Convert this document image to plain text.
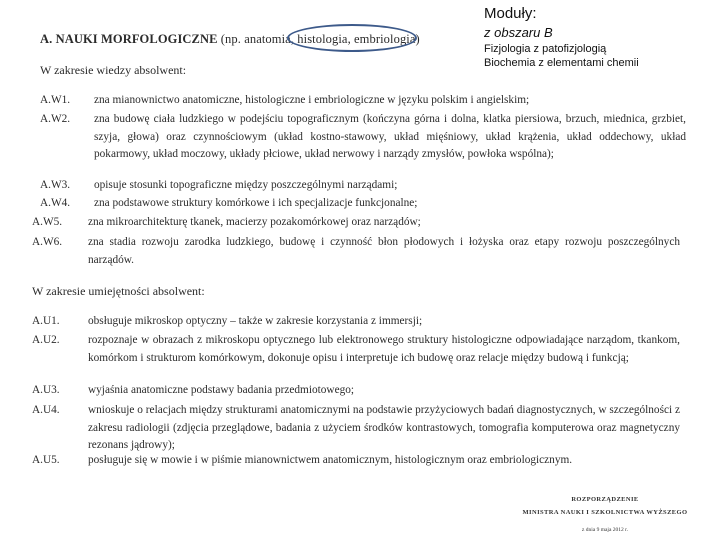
A. NAUKI MORFOLOGICZNE (np. anatomia, histologia, embriologia)
Moduły:
z obszaru B
Fizjologia z patofizjologią
Biochemia z elementami chemii
W zakresie wiedzy absolwent:
A.W1. zna mianownictwo anatomiczne, histologiczne i embriologiczne w języku polskim i angielskim;
A.W2. zna budowę ciała ludzkiego w podejściu topograficznym (kończyna górna i dolna, klatka piersiowa, brzuch, miednica, grzbiet, szyja, głowa) oraz czynnościowym (układ kostno-stawowy, układ mięśniowy, układ krążenia, układ oddechowy, układ pokarmowy, układ moczowy, układy płciowe, układ nerwowy i narządy zmysłów, powłoka wspólna);
A.W3. opisuje stosunki topograficzne między poszczególnymi narządami;
A.W4. zna podstawowe struktury komórkowe i ich specjalizacje funkcjonalne;
A.W5. zna mikroarchitekturę tkanek, macierzy pozakomórkowej oraz narządów;
A.W6. zna stadia rozwoju zarodka ludzkiego, budowę i czynność błon płodowych i łożyska oraz etapy rozwoju poszczególnych narządów.
W zakresie umiejętności absolwent:
A.U1.	obsługuje mikroskop optyczny – także w zakresie korzystania z immersji;
A.U2.	rozpoznaje w obrazach z mikroskopu optycznego lub elektronowego struktury histologiczne odpowiadające narządom, tkankom, komórkom i strukturom komórkowym, dokonuje opisu i interpretuje ich budowę oraz relacje między budową i funkcją;
A.U3.	wyjaśnia anatomiczne podstawy badania przedmiotowego;
A.U4.	wnioskuje o relacjach między strukturami anatomicznymi na podstawie przyżyciowych badań diagnostycznych, w szczególności z zakresu radiologii (zdjęcia przeglądowe, badania z użyciem środków kontrastowych, tomografia komputerowa oraz magnetyczny rezonans jądrowy);
A.U5.	posługuje się w mowie i w piśmie mianownictwem anatomicznym, histologicznym oraz embriologicznym.
ROZPORZĄDZENIE
MINISTRA NAUKI I SZKOLNICTWA WYŻSZEGO
z dnia 9 maja 2012 r.
